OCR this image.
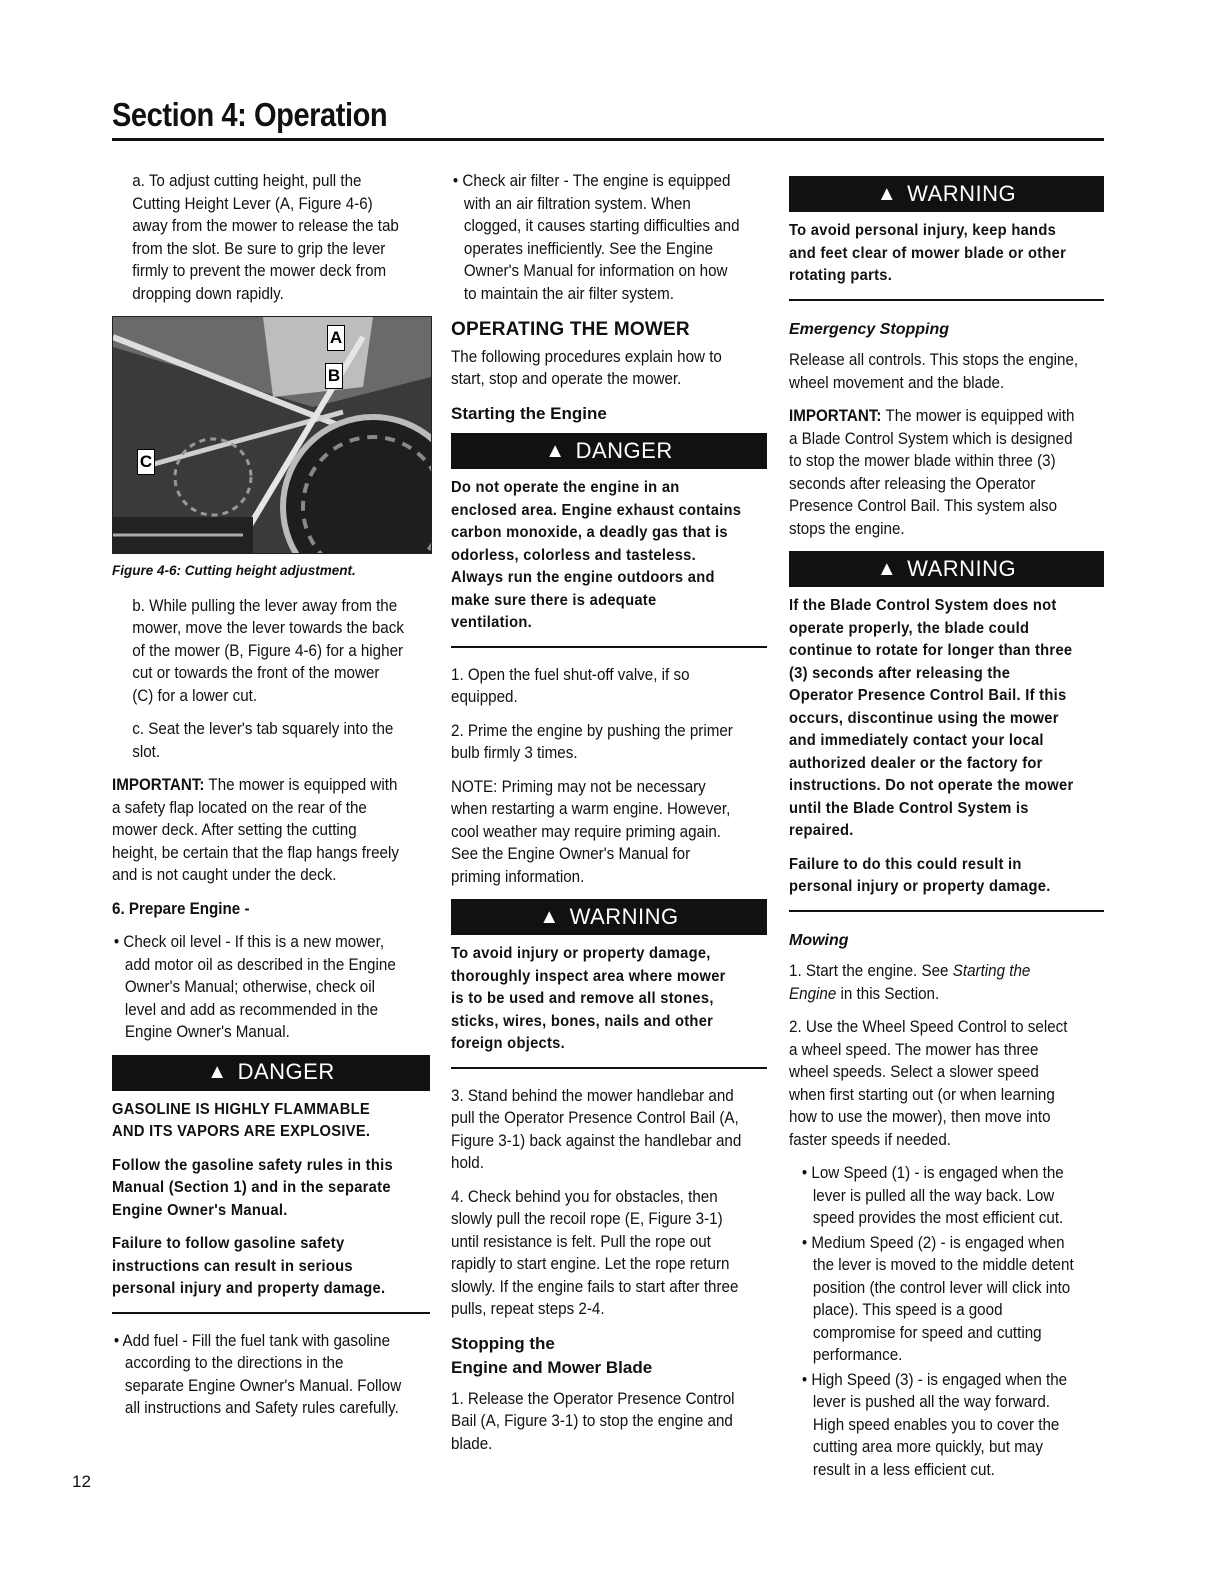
Section 4: Operation

a. To adjust cutting height, pull the Cutting Height Lever (A, Figure 4-6) away from the mower to release the tab from the slot. Be sure to grip the lever firmly to prevent the mower deck from dropping down rapidly.

A
B
C
Figure 4-6: Cutting height adjustment.

b. While pulling the lever away from the mower, move the lever towards the back of the mower (B, Figure 4-6) for a higher cut or towards the front of the mower (C) for a lower cut.

c. Seat the lever's tab squarely into the slot.

IMPORTANT: The mower is equipped with a safety flap located on the rear of the mower deck. After setting the cutting height, be certain that the flap hangs freely and is not caught under the deck.

6. Prepare Engine -

• Check oil level - If this is a new mower, add motor oil as described in the Engine Owner's Manual; otherwise, check oil level and add as recommended in the Engine Owner's Manual.

▲ DANGER

GASOLINE IS HIGHLY FLAMMABLE AND ITS VAPORS ARE EXPLOSIVE.

Follow the gasoline safety rules in this Manual (Section 1) and in the separate Engine Owner's Manual.

Failure to follow gasoline safety instructions can result in serious personal injury and property damage.

• Add fuel - Fill the fuel tank with gasoline according to the directions in the separate Engine Owner's Manual. Follow all instructions and Safety rules carefully.

• Check air filter - The engine is equipped with an air filtration system. When clogged, it causes starting difficulties and operates inefficiently. See the Engine Owner's Manual for information on how to maintain the air filter system.

OPERATING THE MOWER

The following procedures explain how to start, stop and operate the mower.

Starting the Engine
▲ DANGER

Do not operate the engine in an enclosed area. Engine exhaust contains carbon monoxide, a deadly gas that is odorless, colorless and tasteless. Always run the engine outdoors and make sure there is adequate ventilation.

1. Open the fuel shut-off valve, if so equipped.

2. Prime the engine by pushing the primer bulb firmly 3 times.

NOTE: Priming may not be necessary when restarting a warm engine. However, cool weather may require priming again. See the Engine Owner's Manual for priming information.

▲ WARNING

To avoid injury or property damage, thoroughly inspect area where mower is to be used and remove all stones, sticks, wires, bones, nails and other foreign objects.

3. Stand behind the mower handlebar and pull the Operator Presence Control Bail (A, Figure 3-1) back against the handlebar and hold.

4. Check behind you for obstacles, then slowly pull the recoil rope (E, Figure 3-1) until resistance is felt. Pull the rope out rapidly to start engine. Let the rope return slowly. If the engine fails to start after three pulls, repeat steps 2-4.

Stopping the
Engine and Mower Blade

1. Release the Operator Presence Control Bail (A, Figure 3-1) to stop the engine and blade.

▲ WARNING

To avoid personal injury, keep hands and feet clear of mower blade or other rotating parts.

Emergency Stopping

Release all controls. This stops the engine, wheel movement and the blade.

IMPORTANT: The mower is equipped with a Blade Control System which is designed to stop the mower blade within three (3) seconds after releasing the Operator Presence Control Bail. This system also stops the engine.

▲ WARNING

If the Blade Control System does not operate properly, the blade could continue to rotate for longer than three (3) seconds after releasing the Operator Presence Control Bail. If this occurs, discontinue using the mower and immediately contact your local authorized dealer or the factory for instructions. Do not operate the mower until the Blade Control System is repaired.

Failure to do this could result in personal injury or property damage.

Mowing

1. Start the engine. See Starting the Engine in this Section.

2. Use the Wheel Speed Control to select a wheel speed. The mower has three wheel speeds. Select a slower speed when first starting out (or when learning how to use the mower), then move into faster speeds if needed.

• Low Speed (1) - is engaged when the lever is pulled all the way back. Low speed provides the most efficient cut.

• Medium Speed (2) - is engaged when the lever is moved to the middle detent position (the control lever will click into place). This speed is a good compromise for speed and cutting performance.

• High Speed (3) - is engaged when the lever is pushed all the way forward. High speed enables you to cover the cutting area more quickly, but may result in a less efficient cut.

12
